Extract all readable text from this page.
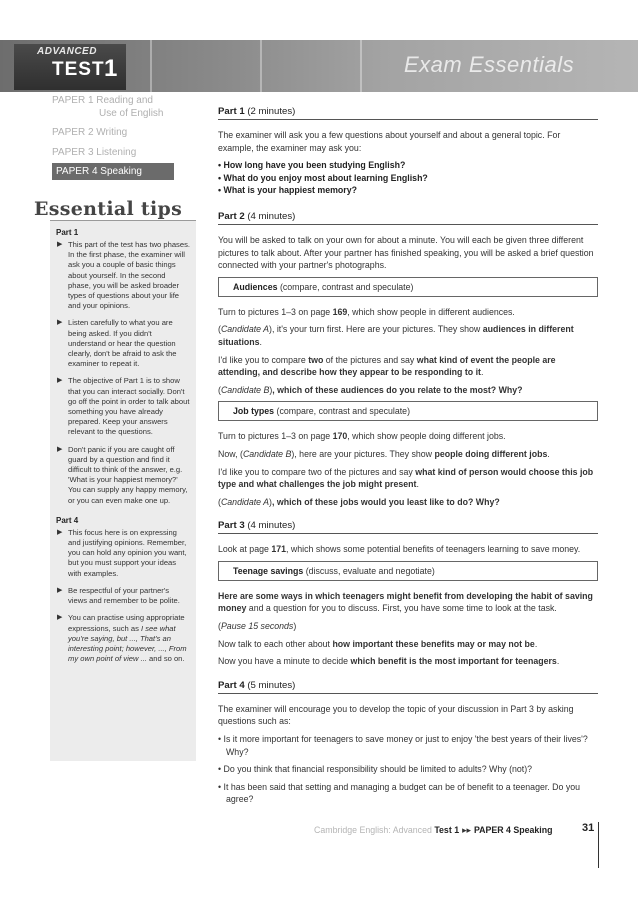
ADVANCED
TEST 1	Exam Essentials
PAPER 1 Reading and
Use of English
PAPER 2 Writing
PAPER 3 Listening
PAPER 4 Speaking
Essential tips
Part 1
▶ This part of the test has two phases. In the first phase, the examiner will ask you a couple of basic things about yourself. In the second phase, you will be asked broader types of questions about your life and your opinions.
▶ Listen carefully to what you are being asked. If you didn't understand or hear the question clearly, don't be afraid to ask the examiner to repeat it.
▶ The objective of Part 1 is to show that you can interact socially. Don't go off the point in order to talk about something you have already prepared. Keep your answers relevant to the questions.
▶ Don't panic if you are caught off guard by a question and find it difficult to think of the answer, e.g. 'What is your happiest memory?' You can supply any happy memory, or you can even make one up.
Part 4
▶ This focus here is on expressing and justifying opinions. Remember, you can hold any opinion you want, but you must support your ideas with examples.
▶ Be respectful of your partner's views and remember to be polite.
▶ You can practise using appropriate expressions, such as I see what you're saying, but ..., That's an interesting point; however, ..., From my own point of view ... and so on.
Part 1 (2 minutes)
The examiner will ask you a few questions about yourself and about a general topic. For example, the examiner may ask you:
• How long have you been studying English?
• What do you enjoy most about learning English?
• What is your happiest memory?
Part 2 (4 minutes)
You will be asked to talk on your own for about a minute. You will each be given three different pictures to talk about. After your partner has finished speaking, you will be asked a brief question connected with your partner's photographs.
Audiences (compare, contrast and speculate)
Turn to pictures 1–3 on page 169, which show people in different audiences.
(Candidate A), it's your turn first. Here are your pictures. They show audiences in different situations.
I'd like you to compare two of the pictures and say what kind of event the people are attending, and describe how they appear to be responding to it.
(Candidate B), which of these audiences do you relate to the most? Why?
Job types (compare, contrast and speculate)
Turn to pictures 1–3 on page 170, which show people doing different jobs.
Now, (Candidate B), here are your pictures. They show people doing different jobs.
I'd like you to compare two of the pictures and say what kind of person would choose this job type and what challenges the job might present.
(Candidate A), which of these jobs would you least like to do? Why?
Part 3 (4 minutes)
Look at page 171, which shows some potential benefits of teenagers learning to save money.
Teenage savings (discuss, evaluate and negotiate)
Here are some ways in which teenagers might benefit from developing the habit of saving money and a question for you to discuss. First, you have some time to look at the task.
(Pause 15 seconds)
Now talk to each other about how important these benefits may or may not be.
Now you have a minute to decide which benefit is the most important for teenagers.
Part 4 (5 minutes)
The examiner will encourage you to develop the topic of your discussion in Part 3 by asking questions such as:
• Is it more important for teenagers to save money or just to enjoy 'the best years of their lives'? Why?
• Do you think that financial responsibility should be limited to adults? Why (not)?
• It has been said that setting and managing a budget can be of benefit to a teenager. Do you agree?
Cambridge English: Advanced Test 1 ▸▸ PAPER 4 Speaking	31
